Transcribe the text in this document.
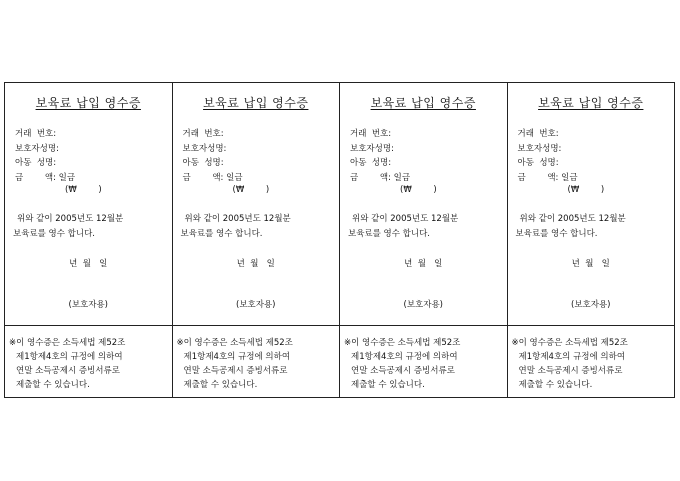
보육료 납입 영수증
거래  번호:
보호자성명:
아동  성명:
금        액: 일금
(₩        )
위와 같이 2005년도 12월분
보육료를 영수 합니다.
년  월   일
(보호자용)
※이 영수증은 소득세법 제52조
제1항제4호의 규정에 의하여
연말 소득공제시 증빙서류로
제출할 수 있습니다.
보육료 납입 영수증
거래  번호:
보호자성명:
아동  성명:
금        액: 일금
(₩        )
위와 같이 2005년도 12월분
보육료를 영수 합니다.
년  월   일
(보호자용)
※이 영수증은 소득세법 제52조
제1항제4호의 규정에 의하여
연말 소득공제시 증빙서류로
제출할 수 있습니다.
보육료 납입 영수증
거래  번호:
보호자성명:
아동  성명:
금        액: 일금
(₩        )
위와 같이 2005년도 12월분
보육료를 영수 합니다.
년  월   일
(보호자용)
※이 영수증은 소득세법 제52조
제1항제4호의 규정에 의하여
연말 소득공제시 증빙서류로
제출할 수 있습니다.
보육료 납입 영수증
거래  번호:
보호자성명:
아동  성명:
금        액: 일금
(₩        )
위와 같이 2005년도 12월분
보육료를 영수 합니다.
년  월   일
(보호자용)
※이 영수증은 소득세법 제52조
제1항제4호의 규정에 의하여
연말 소득공제시 증빙서류로
제출할 수 있습니다.
